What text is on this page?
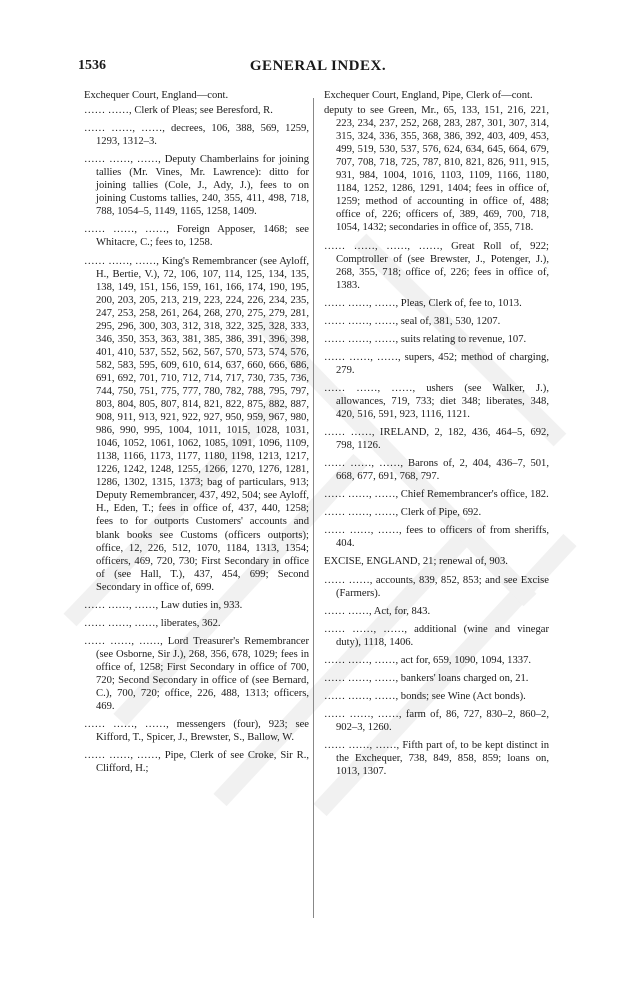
1536	GENERAL INDEX.
Exchequer Court, England—cont.
…… ……, Clerk of Pleas; see Beresford, R.
…… ……, ……, decrees, 106, 388, 569, 1259, 1293, 1312–3.
…… ……, ……, Deputy Chamberlains for joining tallies (Mr. Vines, Mr. Lawrence): ditto for joining tallies (Cole, J., Ady, J.), fees to on joining Customs tallies, 240, 355, 411, 498, 718, 788, 1054–5, 1149, 1165, 1258, 1409.
…… ……, ……, Foreign Apposer, 1468; see Whitacre, C.; fees to, 1258.
…… ……, ……, King's Remembrancer (see Ayloff, H., Bertie, V.), 72, 106, 107, 114, 125, 134, 135, 138, 149, 151, 156, 159, 161, 166, 174, 190, 195, 200, 203, 205, 213, 219, 223, 224, 226, 234, 235, 247, 253, 258, 261, 264, 268, 270, 275, 279, 281, 295, 296, 300, 303, 312, 318, 322, 325, 328, 333, 346, 350, 353, 363, 381, 385, 386, 391, 396, 398, 401, 410, 537, 552, 562, 567, 570, 573, 574, 576, 582, 583, 595, 609, 610, 614, 637, 660, 666, 686, 691, 692, 701, 710, 712, 714, 717, 730, 735, 736, 744, 750, 751, 775, 777, 780, 782, 788, 795, 797, 803, 804, 805, 807, 814, 821, 822, 875, 882, 887, 908, 911, 913, 921, 922, 927, 950, 959, 967, 980, 986, 990, 995, 1004, 1011, 1015, 1028, 1031, 1046, 1052, 1061, 1062, 1085, 1091, 1096, 1109, 1138, 1166, 1173, 1177, 1180, 1198, 1213, 1217, 1226, 1242, 1248, 1255, 1266, 1270, 1276, 1281, 1286, 1302, 1315, 1373; bag of particulars, 913; Deputy Remembrancer, 437, 492, 504; see Ayloff, H., Eden, T.; fees in office of, 437, 440, 1258; fees to for outports Customers' accounts and blank books see Customs (officers outports); office, 12, 226, 512, 1070, 1184, 1313, 1354; officers, 469, 720, 730; First Secondary in office of (see Hall, T.), 437, 454, 699; Second Secondary in office of, 699.
…… ……, ……, Law duties in, 933.
…… ……, ……, liberates, 362.
…… ……, ……, Lord Treasurer's Remembrancer (see Osborne, Sir J.), 268, 356, 678, 1029; fees in office of, 1258; First Secondary in office of 700, 720; Second Secondary in office of (see Bernard, C.), 700, 720; office, 226, 488, 1313; officers, 469.
…… ……, ……, messengers (four), 923; see Kifford, T., Spicer, J., Brewster, S., Ballow, W.
…… ……, ……, Pipe, Clerk of see Croke, Sir R., Clifford, H.;
Exchequer Court, England, Pipe, Clerk of—cont.
deputy to see Green, Mr., 65, 133, 151, 216, 221, 223, 234, 237, 252, 268, 283, 287, 301, 307, 314, 315, 324, 336, 355, 368, 386, 392, 403, 409, 453, 499, 519, 530, 537, 576, 624, 634, 645, 664, 679, 707, 708, 718, 725, 787, 810, 821, 826, 911, 915, 931, 984, 1004, 1016, 1103, 1109, 1166, 1180, 1184, 1252, 1286, 1291, 1404; fees in office of, 1259; method of accounting in office of, 488; office of, 226; officers of, 389, 469, 700, 718, 1054, 1432; secondaries in office of, 355, 718.
…… ……, ……, ……, Great Roll of, 922; Comptroller of (see Brewster, J., Potenger, J.), 268, 355, 718; office of, 226; fees in office of, 1383.
…… ……, ……, Pleas, Clerk of, fee to, 1013.
…… ……, ……, seal of, 381, 530, 1207.
…… ……, ……, suits relating to revenue, 107.
…… ……, ……, supers, 452; method of charging, 279.
…… ……, ……, ushers (see Walker, J.), allowances, 719, 733; diet 348; liberates, 348, 420, 516, 591, 923, 1116, 1121.
…… ……, IRELAND, 2, 182, 436, 464–5, 692, 798, 1126.
…… ……, ……, Barons of, 2, 404, 436–7, 501, 668, 677, 691, 768, 797.
…… ……, ……, Chief Remembrancer's office, 182.
…… ……, ……, Clerk of Pipe, 692.
…… ……, ……, fees to officers of from sheriffs, 404.
EXCISE, ENGLAND, 21; renewal of, 903.
…… ……, accounts, 839, 852, 853; and see Excise (Farmers).
…… ……, Act, for, 843.
…… ……, ……, additional (wine and vinegar duty), 1118, 1406.
…… ……, ……, act for, 659, 1090, 1094, 1337.
…… ……, ……, bankers' loans charged on, 21.
…… ……, ……, bonds; see Wine (Act bonds).
…… ……, ……, farm of, 86, 727, 830–2, 860–2, 902–3, 1260.
…… ……, ……, Fifth part of, to be kept distinct in the Exchequer, 738, 849, 858, 859; loans on, 1013, 1307.
